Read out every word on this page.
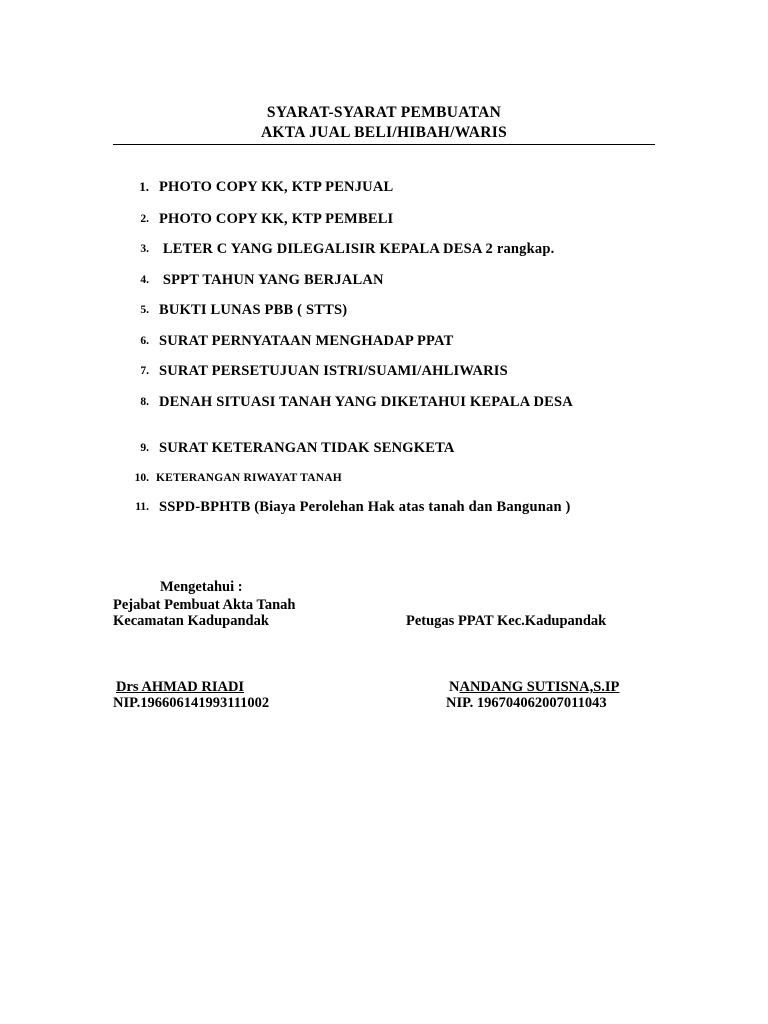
SYARAT-SYARAT PEMBUATAN
AKTA JUAL BELI/HIBAH/WARIS
1. PHOTO COPY KK, KTP PENJUAL
2. PHOTO COPY KK, KTP PEMBELI
3. LETER C YANG DILEGALISIR KEPALA DESA 2 rangkap.
4. SPPT TAHUN YANG BERJALAN
5. BUKTI LUNAS PBB ( STTS)
6. SURAT PERNYATAAN MENGHADAP PPAT
7. SURAT PERSETUJUAN ISTRI/SUAMI/AHLIWARIS
8. DENAH SITUASI TANAH YANG DIKETAHUI KEPALA DESA
9. SURAT KETERANGAN TIDAK SENGKETA
10. KETERANGAN RIWAYAT TANAH
11. SSPD-BPHTB (Biaya Perolehan Hak atas tanah dan Bangunan )
Mengetahui :
Pejabat Pembuat Akta Tanah
Kecamatan Kadupandak	Petugas PPAT Kec.Kadupandak
Drs AHMAD RIADI
NIP.196606141993111002
NANDANG SUTISNA,S.IP
NIP. 196704062007011043
